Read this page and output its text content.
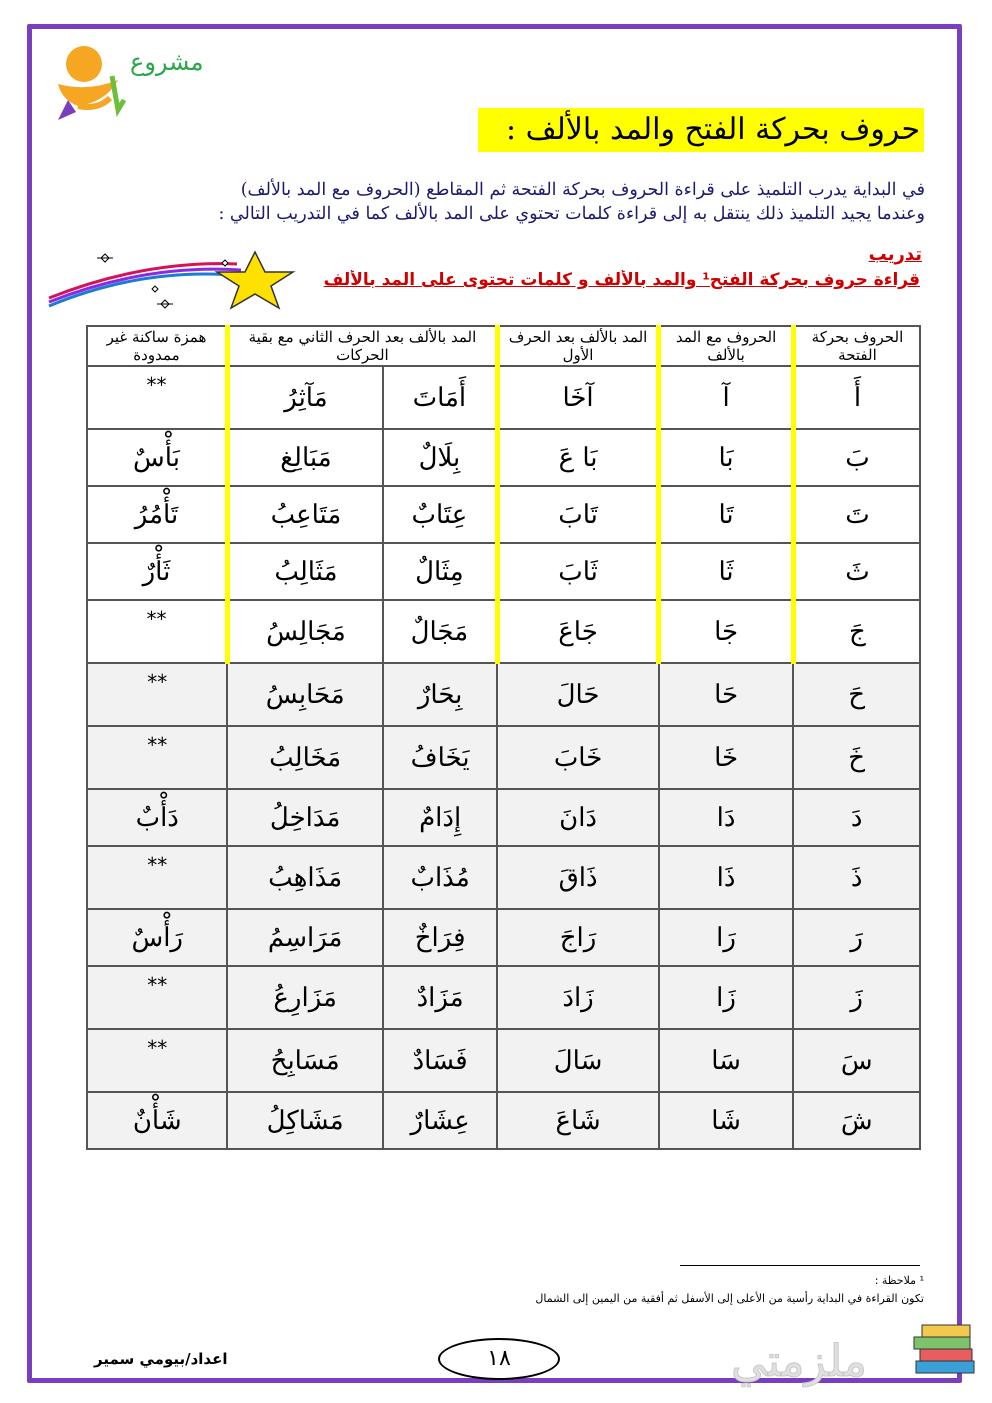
مشروع
حروف بحركة الفتح والمد بالألف :

في البداية يدرب التلميذ على قراءة الحروف بحركة الفتحة ثم المقاطع (الحروف مع المد بالألف)

وعندما يجيد التلميذ ذلك ينتقل به إلى قراءة كلمات تحتوي على المد بالألف كما في التدريب التالي :

تدريب
قراءة حروف بحركة الفتح¹ والمد بالألف و كلمات تحتوى على المد بالألف
الحروف بحركة الفتحة	الحروف مع المد بالألف	المد بالألف بعد الحرف الأول	المد بالألف بعد الحرف الثاني مع بقية الحركات		همزة ساكنة غير ممدودة

أَ	آ	آخَا	أَمَاتَ	مَآثِرُ	**
بَ	بَا	بَا عَ	بِلَالٌ	مَبَالِغ	بَأْسٌ
تَ	تَا	تَابَ	عِتَابٌ	مَتَاعِبُ	تَأْمُرُ
ثَ	ثَا	ثَابَ	مِثَالٌ	مَثَالِبُ	ثَأْرٌ
جَ	جَا	جَاعَ	مَجَالٌ	مَجَالِسُ	**
حَ	حَا	حَالَ	بِحَارٌ	مَحَابِسُ	**
خَ	خَا	خَابَ	يَخَافُ	مَخَالِبُ	**
دَ	دَا	دَانَ	إِدَامٌ	مَدَاخِلُ	دَأْبٌ
ذَ	ذَا	ذَاقَ	مُذَابٌ	مَذَاهِبُ	**
رَ	رَا	رَاجَ	فِرَاخٌ	مَرَاسِمُ	رَأْسٌ
زَ	زَا	زَادَ	مَزَادٌ	مَزَارِعُ	**
سَ	سَا	سَالَ	فَسَادٌ	مَسَابِحُ	**
شَ	شَا	شَاعَ	عِشَارٌ	مَشَاكِلُ	شَأْنٌ

¹ ملاحظة :

تكون القراءة في البداية رأسية من الأعلى إلى الأسفل ثم أفقية من اليمين إلى الشمال

اعداد/بيومي سمير	١٨	ملزمتي
